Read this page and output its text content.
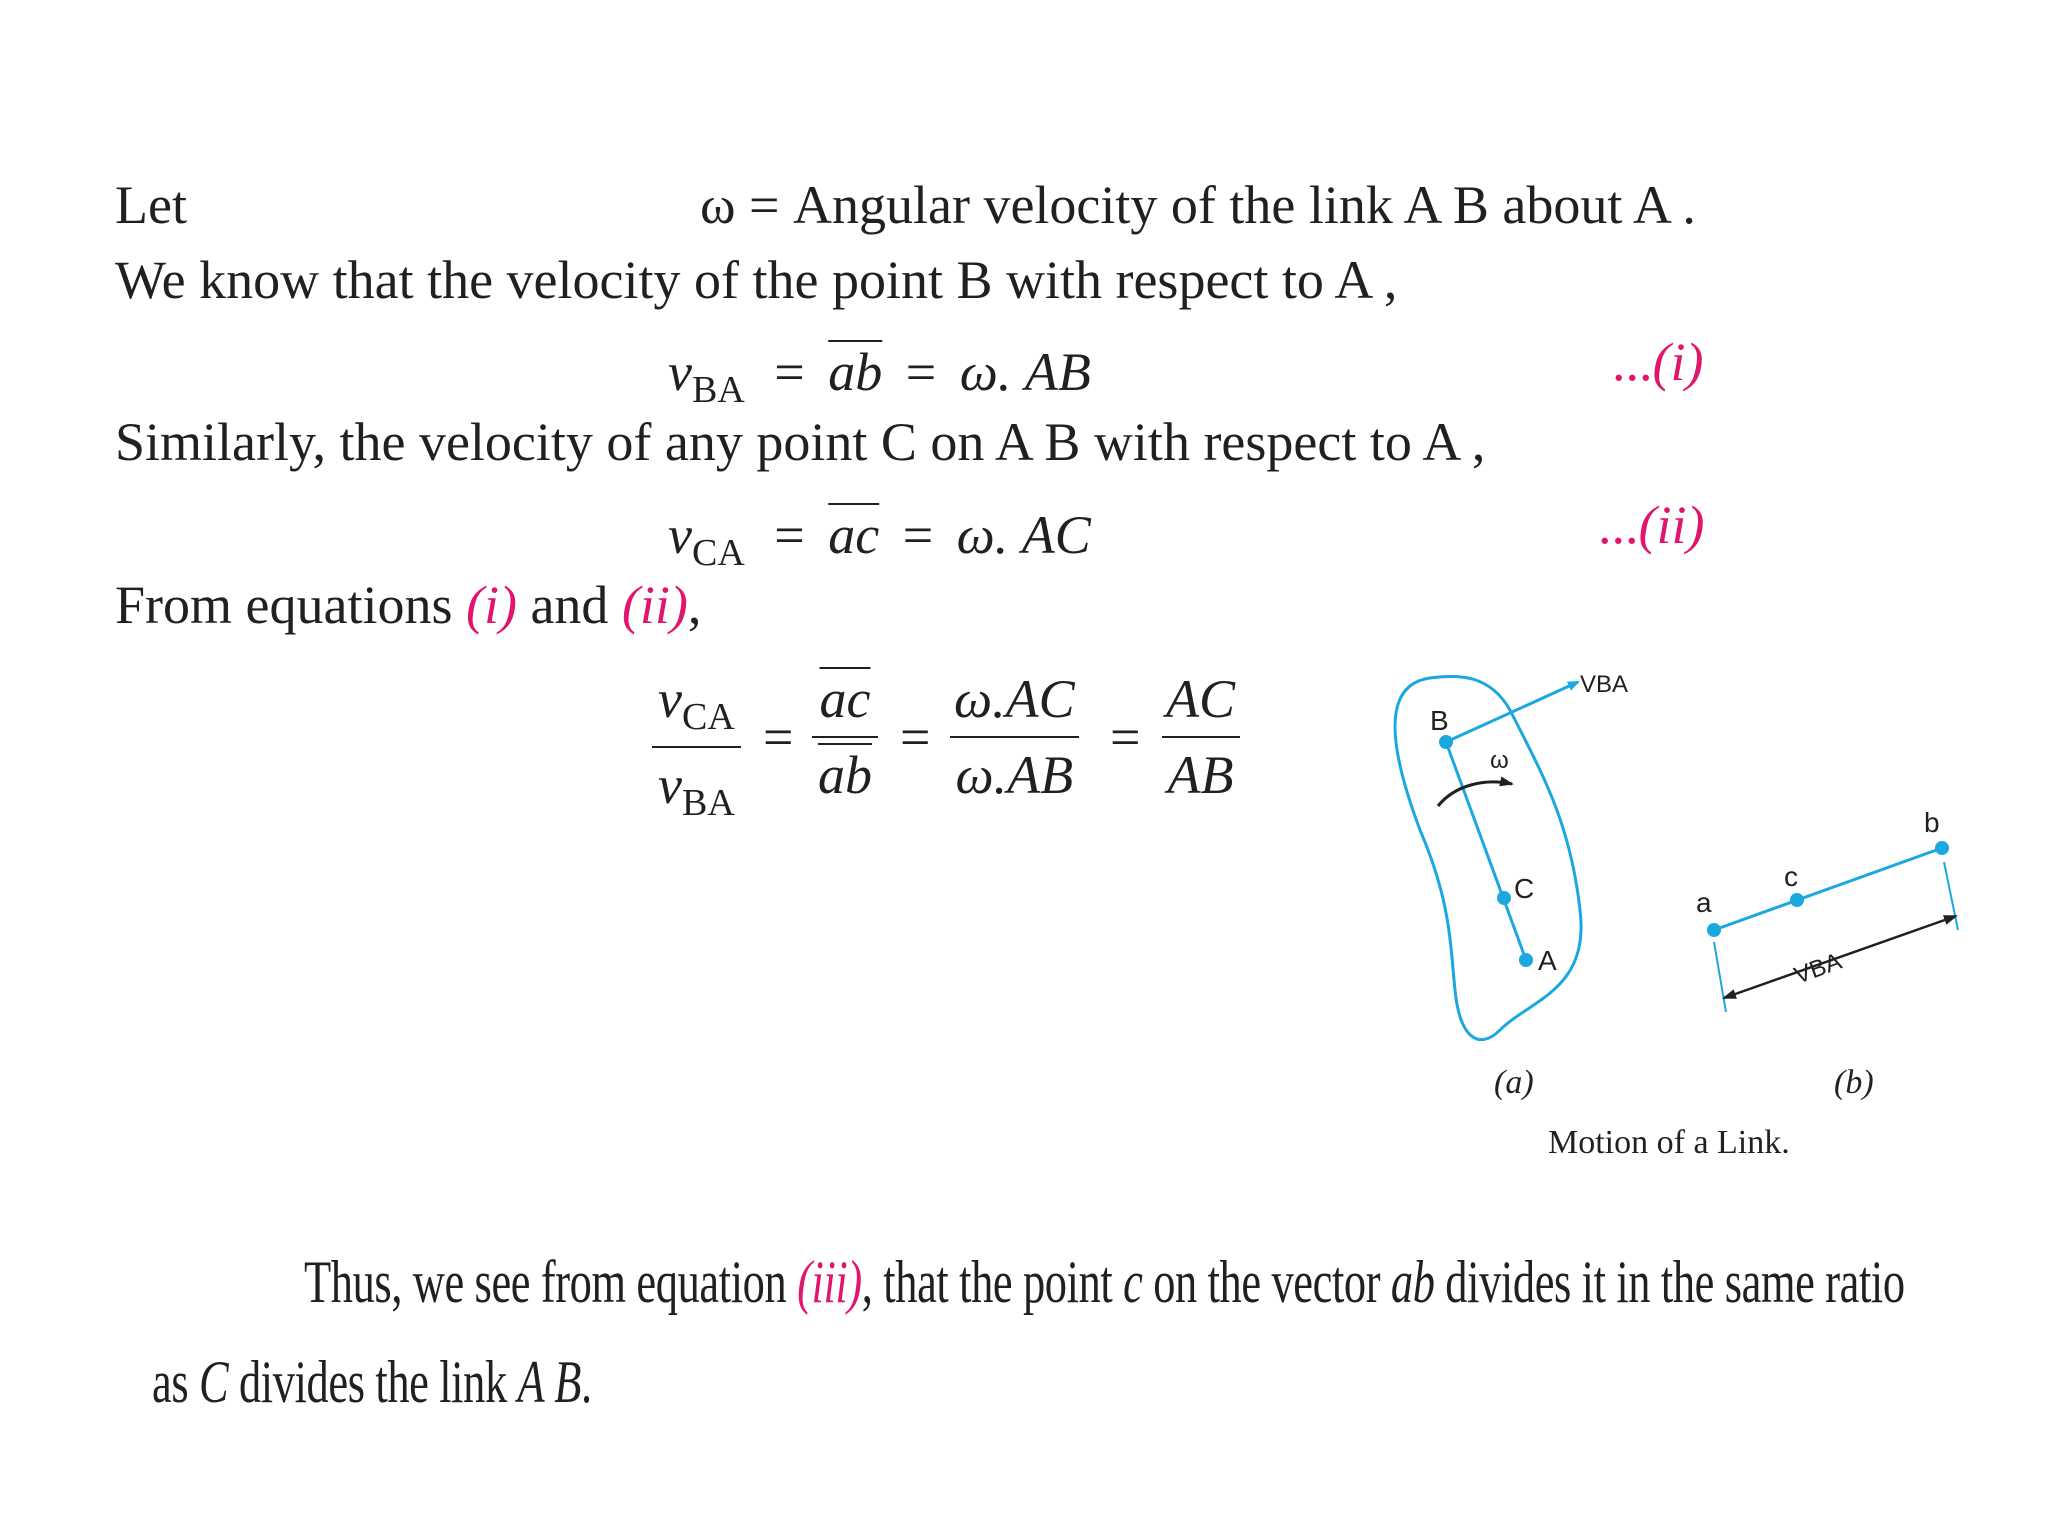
Let	ω = Angular velocity of the link A B about A .
We know that the velocity of the point B with respect to A ,
$v_{BA} = \overline{ab} = \omega$. AB	...(i)
Similarly, the velocity of any point C on A B with respect to A ,
$v_{CA} = \overline{ac} = \omega$. AC	...(ii)
From equations (i) and (ii),
$v_{CA}$
$v_{BA}$
= $\frac{\overline{ac}}{ab} = \frac{\omega.AC}{\omega.AB} = \frac{AC}{AB}$	VBA
B
ω
C
A
a
c
b
VBA
(a)	(b)
Motion of a Link.
Thus, we see from equation (iii), that the point c on the vector ab divides it in the same ratio
as C divides the link A B.
